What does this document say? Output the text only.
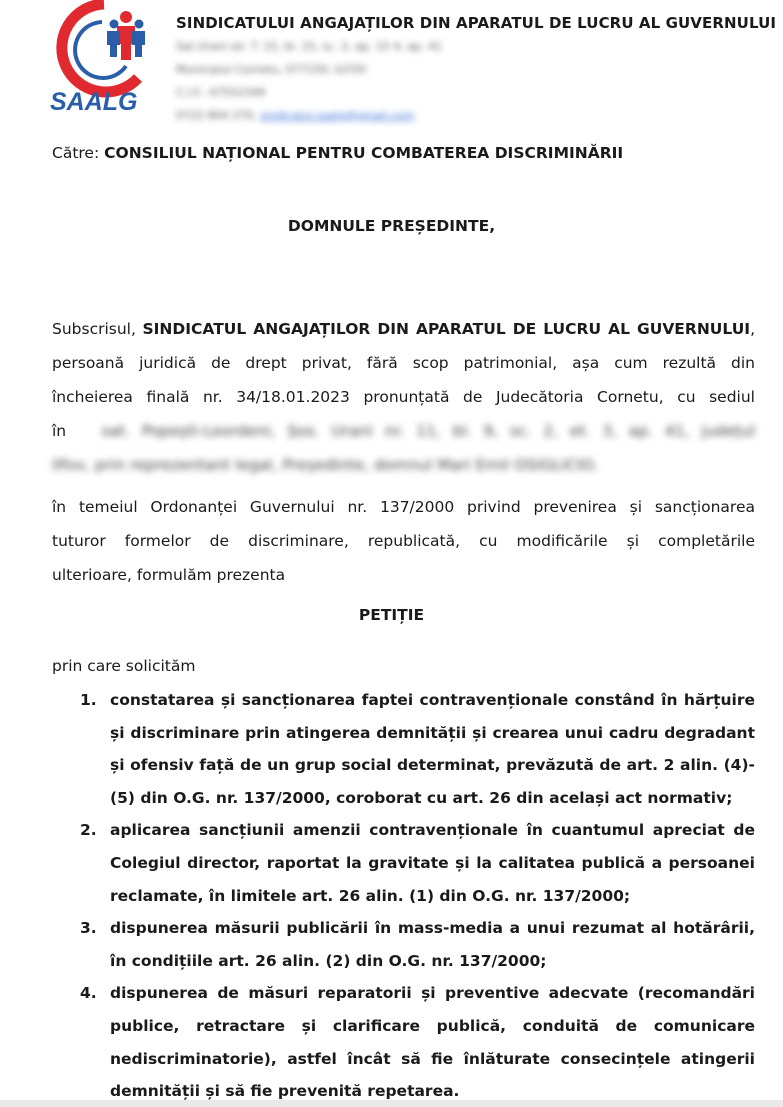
SAALG
SINDICATULUI ANGAJAȚILOR DIN APARATUL DE LUCRU AL GUVERNULUI
Sat Urani str. T. 15, bl. 15, sc. 2, ap. 15 4, ap. 41
Municipiul Cornetu, 077150, ILFOV
C.I.F.: 47552349
0722 804 270, sindicatul.saalg@gmail.com
Către: CONSILIUL NAȚIONAL PENTRU COMBATEREA DISCRIMINĂRII
DOMNULE PREȘEDINTE,
Subscrisul, SINDICATUL ANGAJAȚILOR DIN APARATUL DE LUCRU AL GUVERNULUI,
persoană juridică de drept privat, fără scop patrimonial, așa cum rezultă din
încheierea finală nr. 34/18.01.2023 pronunțată de Judecătoria Cornetu, cu sediul
în sat. Popești-Leordeni, Șos. Urani nr. 11, bl. 9, sc. 2, et. 3, ap. 41, județul
Ilfov, prin reprezentant legal, Președinte, domnul Mari Emil OSIGLICIO.
în temeiul Ordonanței Guvernului nr. 137/2000 privind prevenirea și sancționarea
tuturor formelor de discriminare, republicată, cu modificările și completările
ulterioare, formulăm prezenta
PETIȚIE
prin care solicităm
1. constatarea și sancționarea faptei contravenționale constând în hărțuire
și discriminare prin atingerea demnității și crearea unui cadru degradant
și ofensiv față de un grup social determinat, prevăzută de art. 2 alin. (4)-
(5) din O.G. nr. 137/2000, coroborat cu art. 26 din același act normativ;
2. aplicarea sancțiunii amenzii contravenționale în cuantumul apreciat de
Colegiul director, raportat la gravitate și la calitatea publică a persoanei
reclamate, în limitele art. 26 alin. (1) din O.G. nr. 137/2000;
3. dispunerea măsurii publicării în mass-media a unui rezumat al hotărârii,
în condițiile art. 26 alin. (2) din O.G. nr. 137/2000;
4. dispunerea de măsuri reparatorii și preventive adecvate (recomandări
publice, retractare și clarificare publică, conduită de comunicare
nediscriminatorie), astfel încât să fie înlăturate consecințele atingerii
demnității și să fie prevenită repetarea.
